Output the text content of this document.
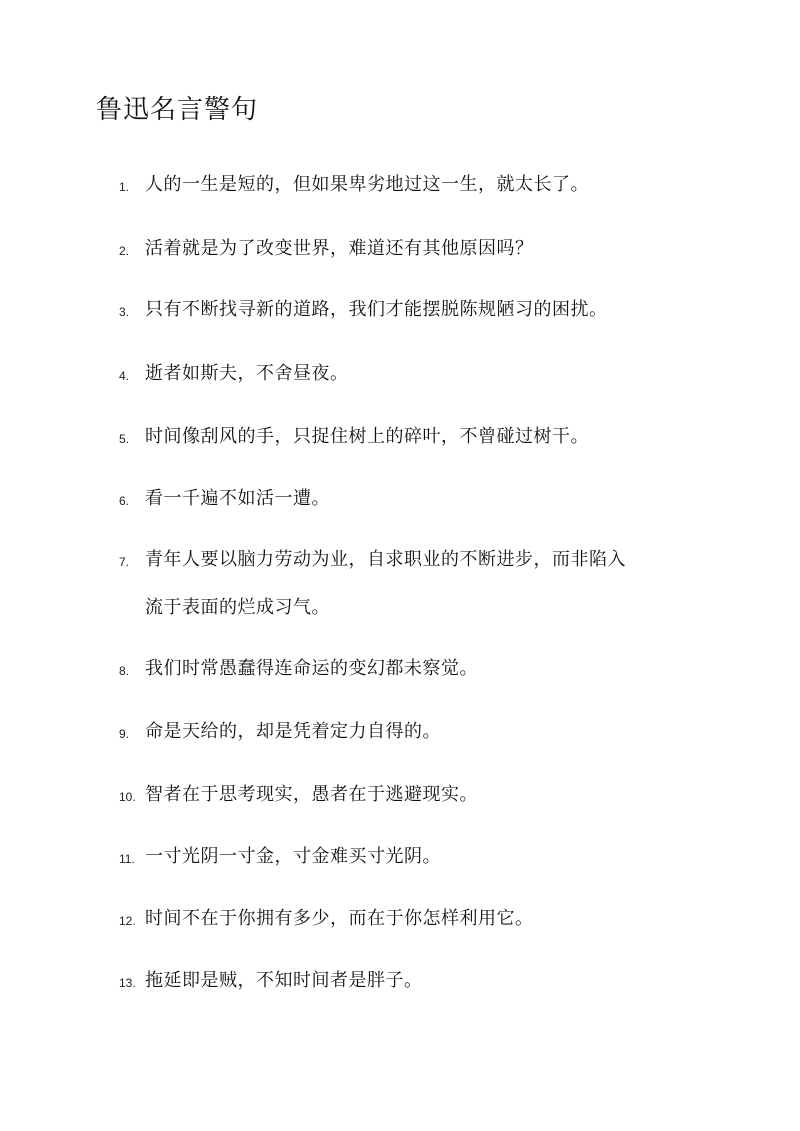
鲁迅名言警句
1. 人的一生是短的，但如果卑劣地过这一生，就太长了。
2. 活着就是为了改变世界，难道还有其他原因吗？
3. 只有不断找寻新的道路，我们才能摆脱陈规陋习的困扰。
4. 逝者如斯夫，不舍昼夜。
5. 时间像刮风的手，只捉住树上的碎叶，不曾碰过树干。
6. 看一千遍不如活一遭。
7. 青年人要以脑力劳动为业，自求职业的不断进步，而非陷入
流于表面的烂成习气。
8. 我们时常愚蠢得连命运的变幻都未察觉。
9. 命是天给的，却是凭着定力自得的。
10. 智者在于思考现实，愚者在于逃避现实。
11. 一寸光阴一寸金，寸金难买寸光阴。
12. 时间不在于你拥有多少，而在于你怎样利用它。
13. 拖延即是贼，不知时间者是胖子。
